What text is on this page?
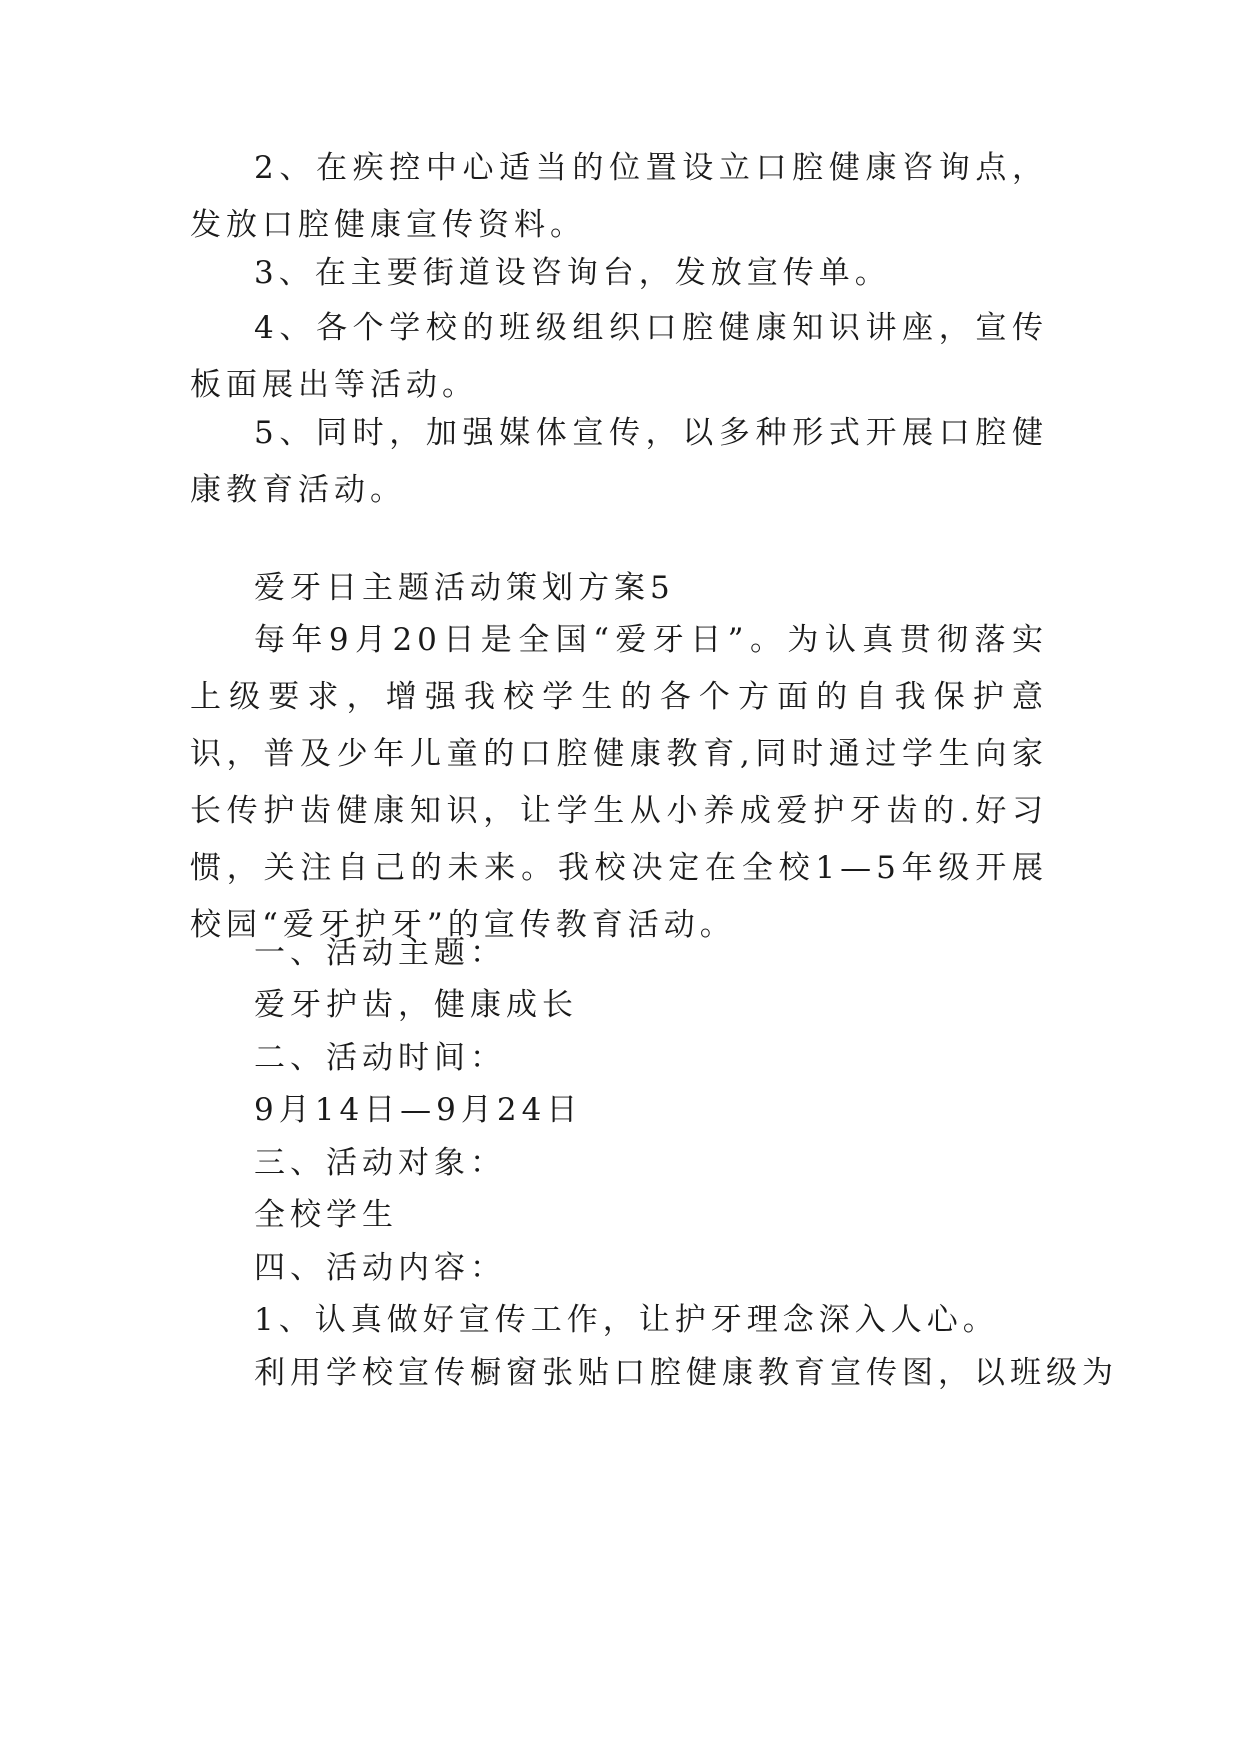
2、在疾控中心适当的位置设立口腔健康咨询点，发放口腔健康宣传资料。

3、在主要街道设咨询台，发放宣传单。

4、各个学校的班级组织口腔健康知识讲座，宣传板面展出等活动。

5、同时，加强媒体宣传，以多种形式开展口腔健康教育活动。

爱牙日主题活动策划方案5

每年9月20日是全国“爱牙日”。为认真贯彻落实上级要求，增强我校学生的各个方面的自我保护意识，普及少年儿童的口腔健康教育,同时通过学生向家长传护齿健康知识，让学生从小养成爱护牙齿的.好习惯，关注自己的未来。我校决定在全校1—5年级开展校园“爱牙护牙”的宣传教育活动。

一、活动主题：

爱牙护齿，健康成长

二、活动时间：

9月14日—9月24日

三、活动对象：

全校学生

四、活动内容：

1、认真做好宣传工作，让护牙理念深入人心。

利用学校宣传橱窗张贴口腔健康教育宣传图，以班级为
